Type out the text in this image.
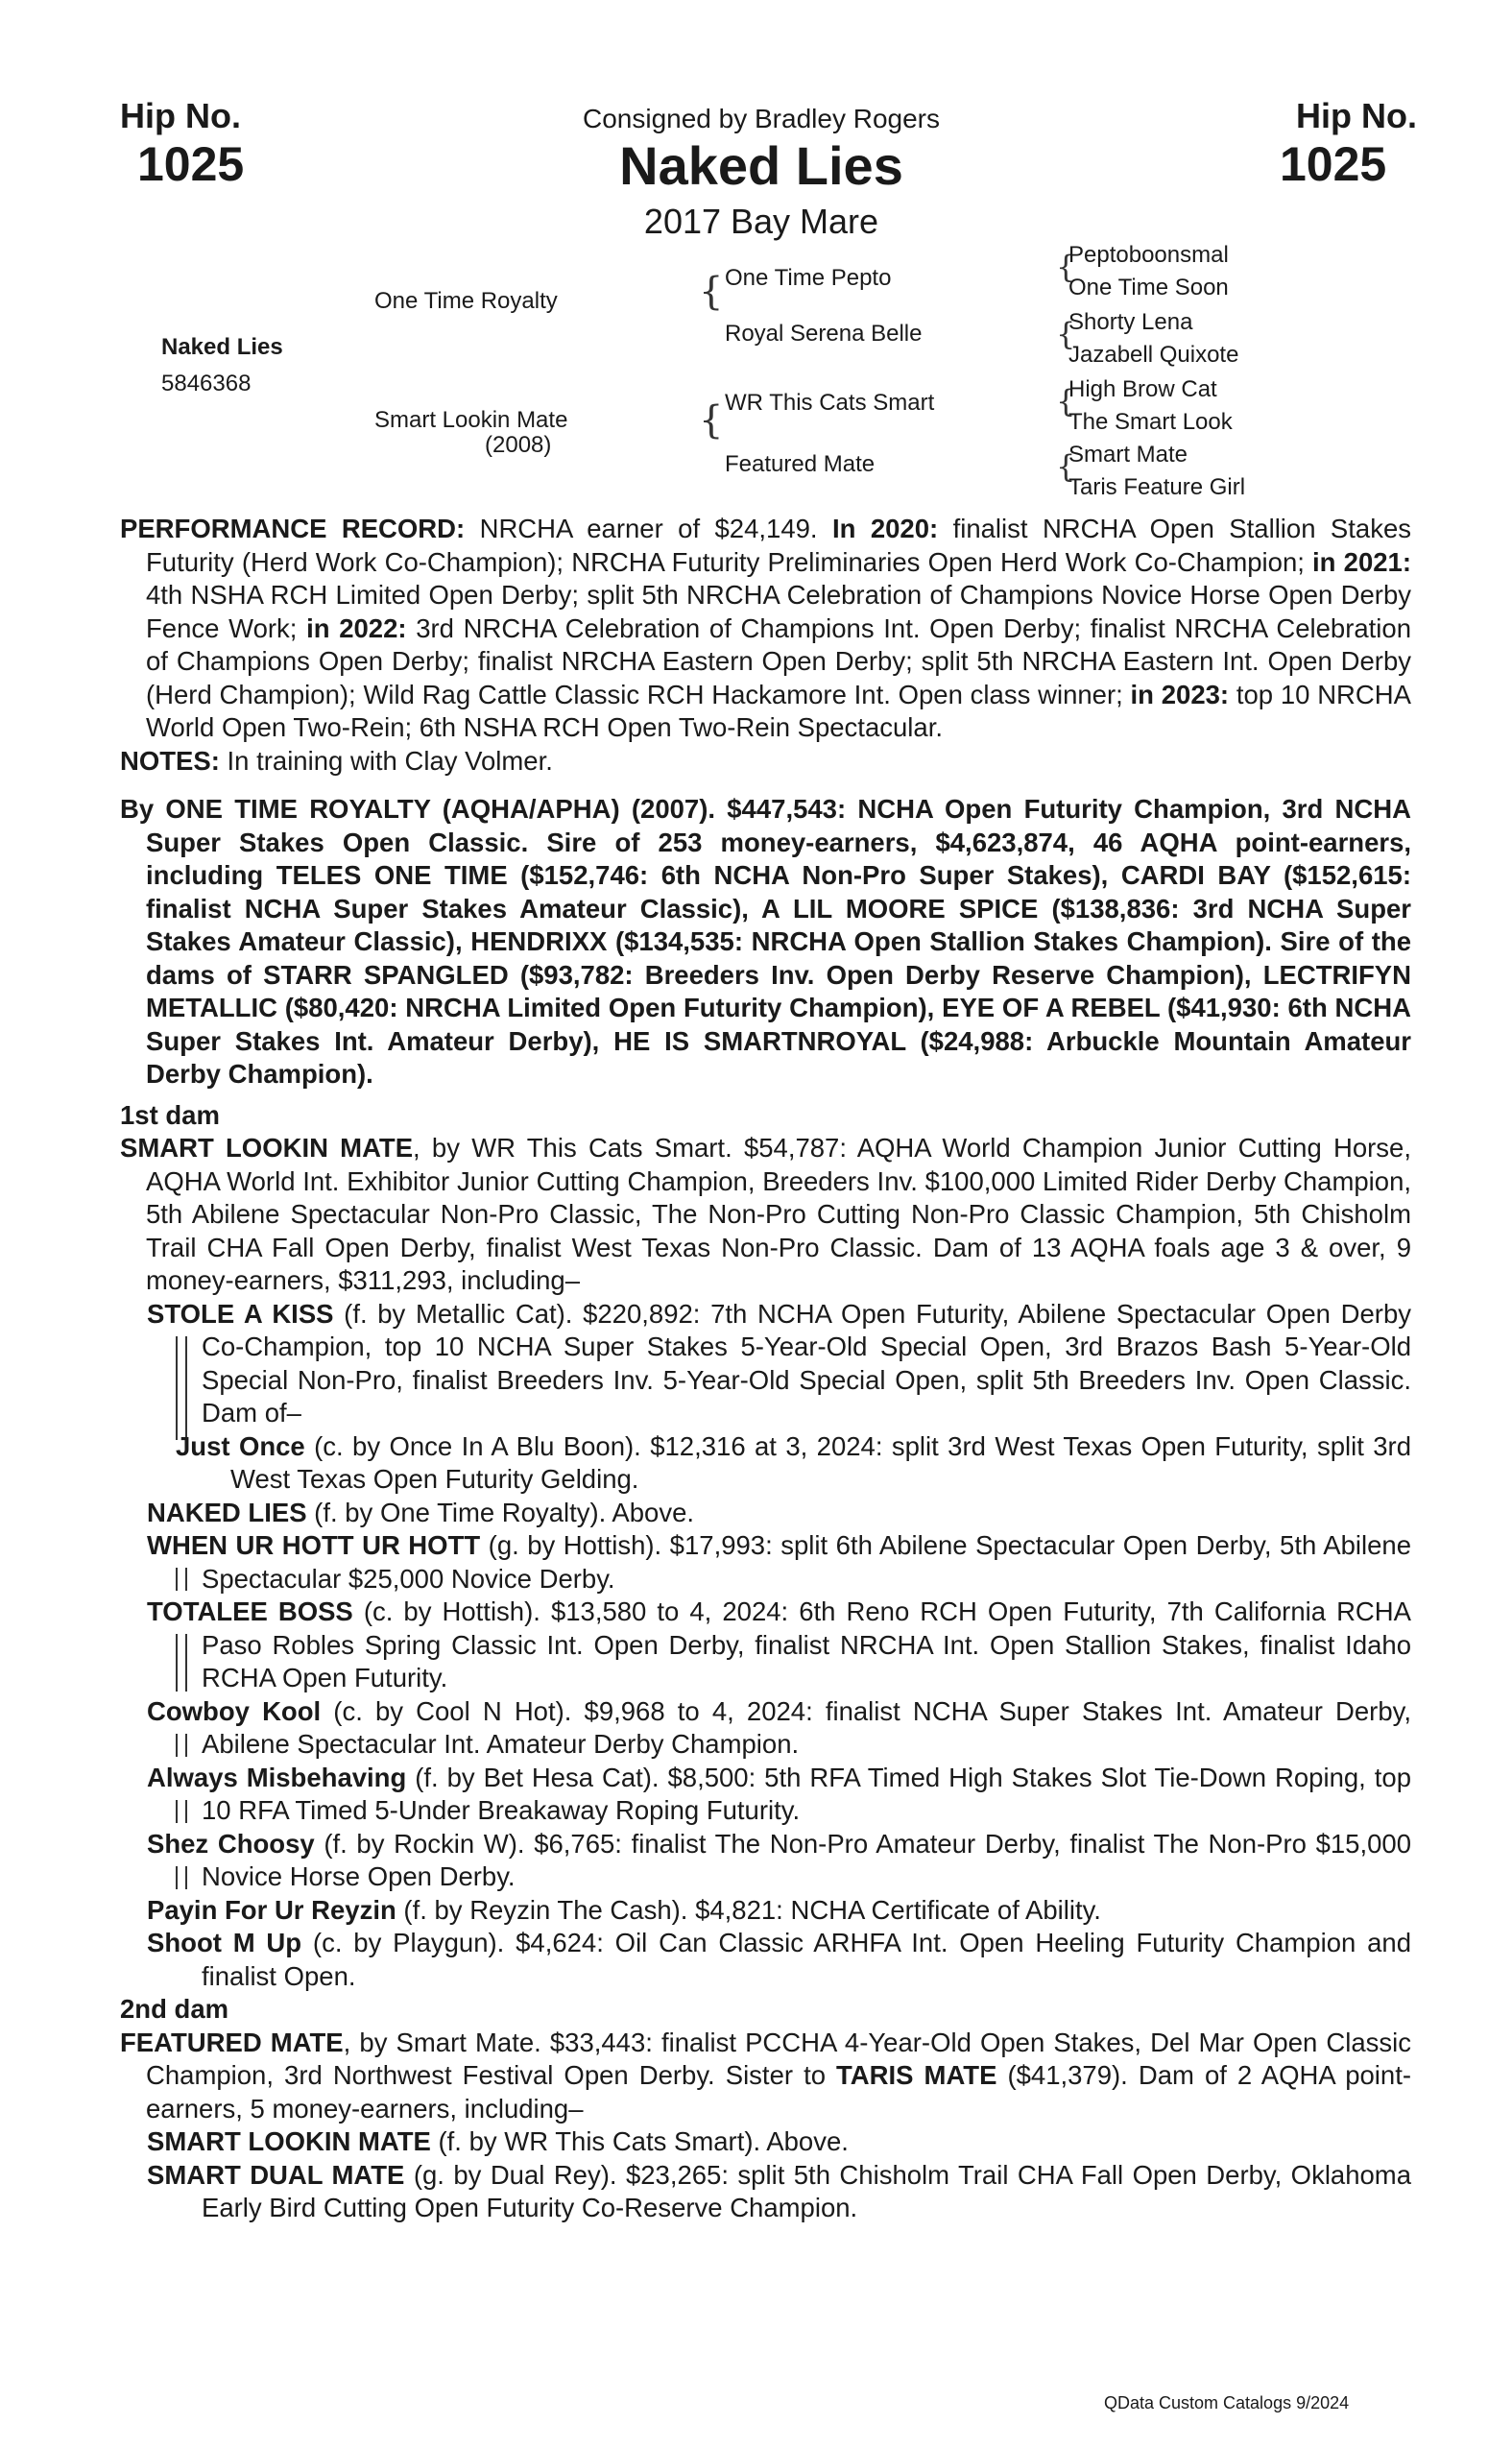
Hip No.
1025
Hip No.
1025
Consigned by Bradley Rogers
Naked Lies
2017 Bay Mare
Naked Lies
5846368
One Time Royalty
Smart Lookin Mate
(2008)
{ One Time Pepto
Royal Serena Belle
{ WR This Cats Smart
Featured Mate
{
Peptoboonsmal
One Time Soon
{
Shorty Lena
Jazabell Quixote
{
High Brow Cat
The Smart Look
{
Smart Mate
Taris Feature Girl

PERFORMANCE RECORD: NRCHA earner of $24,149. In 2020: finalist NRCHA Open Stallion Stakes Futurity (Herd Work Co-Champion); NRCHA Futurity Preliminaries Open Herd Work Co-Champion; in 2021: 4th NSHA RCH Limited Open Derby; split 5th NRCHA Celebration of Champions Novice Horse Open Derby Fence Work; in 2022: 3rd NRCHA Celebration of Champions Int. Open Derby; finalist NRCHA Celebration of Champions Open Derby; finalist NRCHA Eastern Open Derby; split 5th NRCHA Eastern Int. Open Derby (Herd Champion); Wild Rag Cattle Classic RCH Hackamore Int. Open class winner; in 2023: top 10 NRCHA World Open Two-Rein; 6th NSHA RCH Open Two-Rein Spectacular.

NOTES: In training with Clay Volmer.

By ONE TIME ROYALTY (AQHA/APHA) (2007). $447,543: NCHA Open Futurity Champion, 3rd NCHA Super Stakes Open Classic. Sire of 253 money-earners, $4,623,874, 46 AQHA point-earners, including TELES ONE TIME ($152,746: 6th NCHA Non-Pro Super Stakes), CARDI BAY ($152,615: finalist NCHA Super Stakes Amateur Classic), A LIL MOORE SPICE ($138,836: 3rd NCHA Super Stakes Amateur Classic), HENDRIXX ($134,535: NRCHA Open Stallion Stakes Champion). Sire of the dams of STARR SPANGLED ($93,782: Breeders Inv. Open Derby Reserve Champion), LECTRIFYN METALLIC ($80,420: NRCHA Limited Open Futurity Champion), EYE OF A REBEL ($41,930: 6th NCHA Super Stakes Int. Amateur Derby), HE IS SMARTNROYAL ($24,988: Arbuckle Mountain Amateur Derby Champion).

1st dam

SMART LOOKIN MATE, by WR This Cats Smart. $54,787: AQHA World Champion Junior Cutting Horse, AQHA World Int. Exhibitor Junior Cutting Champion, Breeders Inv. $100,000 Limited Rider Derby Champion, 5th Abilene Spectacular Non-Pro Classic, The Non-Pro Cutting Non-Pro Classic Champion, 5th Chisholm Trail CHA Fall Open Derby, finalist West Texas Non-Pro Classic. Dam of 13 AQHA foals age 3 & over, 9 money-earners, $311,293, including–

STOLE A KISS (f. by Metallic Cat). $220,892: 7th NCHA Open Futurity, Abilene Spectacular Open Derby Co-Champion, top 10 NCHA Super Stakes 5-Year-Old Special Open, 3rd Brazos Bash 5-Year-Old Special Non-Pro, finalist Breeders Inv. 5-Year-Old Special Open, split 5th Breeders Inv. Open Classic. Dam of–
Just Once (c. by Once In A Blu Boon). $12,316 at 3, 2024: split 3rd West Texas Open Futurity, split 3rd West Texas Open Futurity Gelding.
NAKED LIES (f. by One Time Royalty). Above.
WHEN UR HOTT UR HOTT (g. by Hottish). $17,993: split 6th Abilene Spectacular Open Derby, 5th Abilene Spectacular $25,000 Novice Derby.
TOTALEE BOSS (c. by Hottish). $13,580 to 4, 2024: 6th Reno RCH Open Futurity, 7th California RCHA Paso Robles Spring Classic Int. Open Derby, finalist NRCHA Int. Open Stallion Stakes, finalist Idaho RCHA Open Futurity.
Cowboy Kool (c. by Cool N Hot). $9,968 to 4, 2024: finalist NCHA Super Stakes Int. Amateur Derby, Abilene Spectacular Int. Amateur Derby Champion.
Always Misbehaving (f. by Bet Hesa Cat). $8,500: 5th RFA Timed High Stakes Slot Tie-Down Roping, top 10 RFA Timed 5-Under Breakaway Roping Futurity.
Shez Choosy (f. by Rockin W). $6,765: finalist The Non-Pro Amateur Derby, finalist The Non-Pro $15,000 Novice Horse Open Derby.
Payin For Ur Reyzin (f. by Reyzin The Cash). $4,821: NCHA Certificate of Ability.
Shoot M Up (c. by Playgun). $4,624: Oil Can Classic ARHFA Int. Open Heeling Futurity Champion and finalist Open.

2nd dam

FEATURED MATE, by Smart Mate. $33,443: finalist PCCHA 4-Year-Old Open Stakes, Del Mar Open Classic Champion, 3rd Northwest Festival Open Derby. Sister to TARIS MATE ($41,379). Dam of 2 AQHA point-earners, 5 money-earners, including–

SMART LOOKIN MATE (f. by WR This Cats Smart). Above.
SMART DUAL MATE (g. by Dual Rey). $23,265: split 5th Chisholm Trail CHA Fall Open Derby, Oklahoma Early Bird Cutting Open Futurity Co-Reserve Champion.
QData Custom Catalogs 9/2024
